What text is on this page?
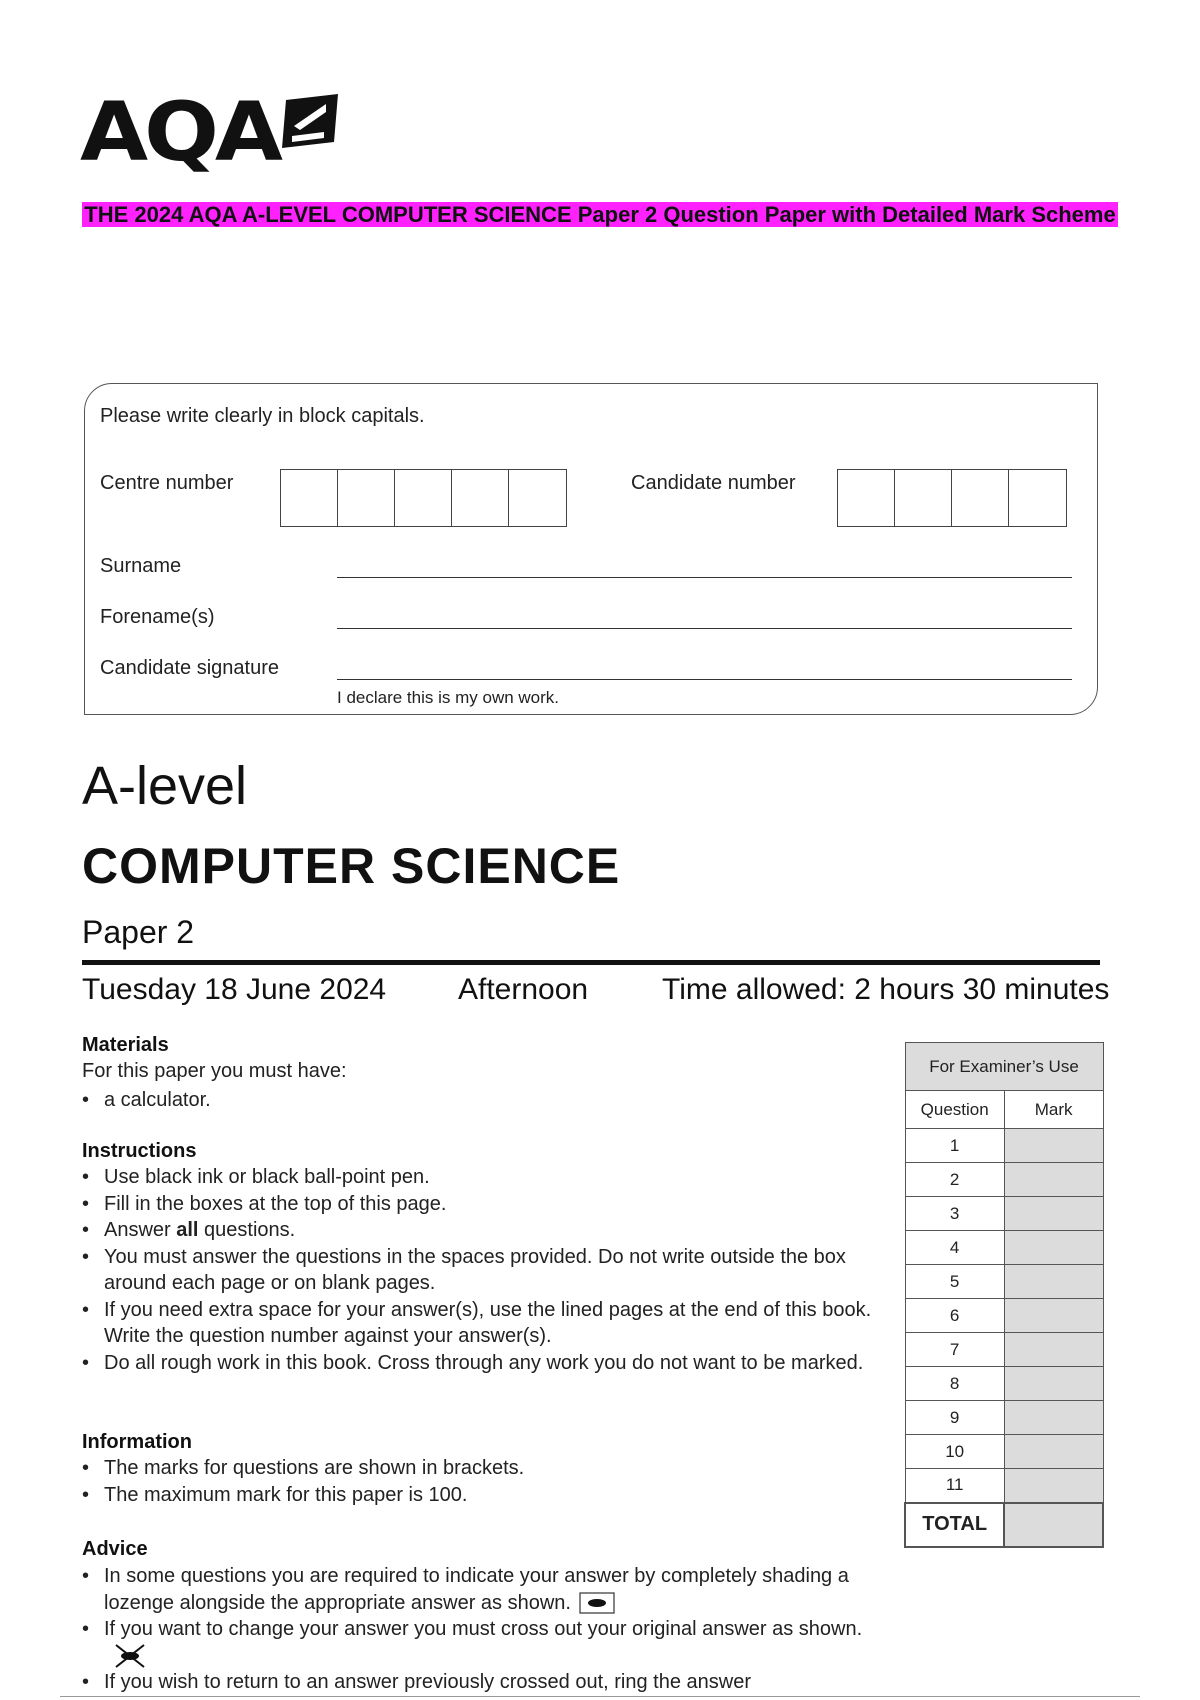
AQA
THE 2024 AQA A-LEVEL COMPUTER SCIENCE Paper 2 Question Paper with Detailed Mark Scheme
Please write clearly in block capitals.
Centre number	Candidate number
Surname
Forename(s)
Candidate signature
I declare this is my own work.
A-level
COMPUTER SCIENCE
Paper 2
Tuesday 18 June 2024 Afternoon Time allowed: 2 hours 30 minutes
Materials
For this paper you must have:
• a calculator.
Instructions
• Use black ink or black ball-point pen.
• Fill in the boxes at the top of this page.
• Answer all questions.
• You must answer the questions in the spaces provided. Do not write outside the box around each page or on blank pages.
• If you need extra space for your answer(s), use the lined pages at the end of this book. Write the question number against your answer(s).
• Do all rough work in this book. Cross through any work you do not want to be marked.
Information
• The marks for questions are shown in brackets.
• The maximum mark for this paper is 100.
Advice
• In some questions you are required to indicate your answer by completely shading a lozenge alongside the appropriate answer as shown.
• If you want to change your answer you must cross out your original answer as shown.
• If you wish to return to an answer previously crossed out, ring the answer
For Examiner’s Use	
Question	Mark
1	
2	
3	
4	
5	
6	
7	
8	
9	
10	
11	
TOTAL	
